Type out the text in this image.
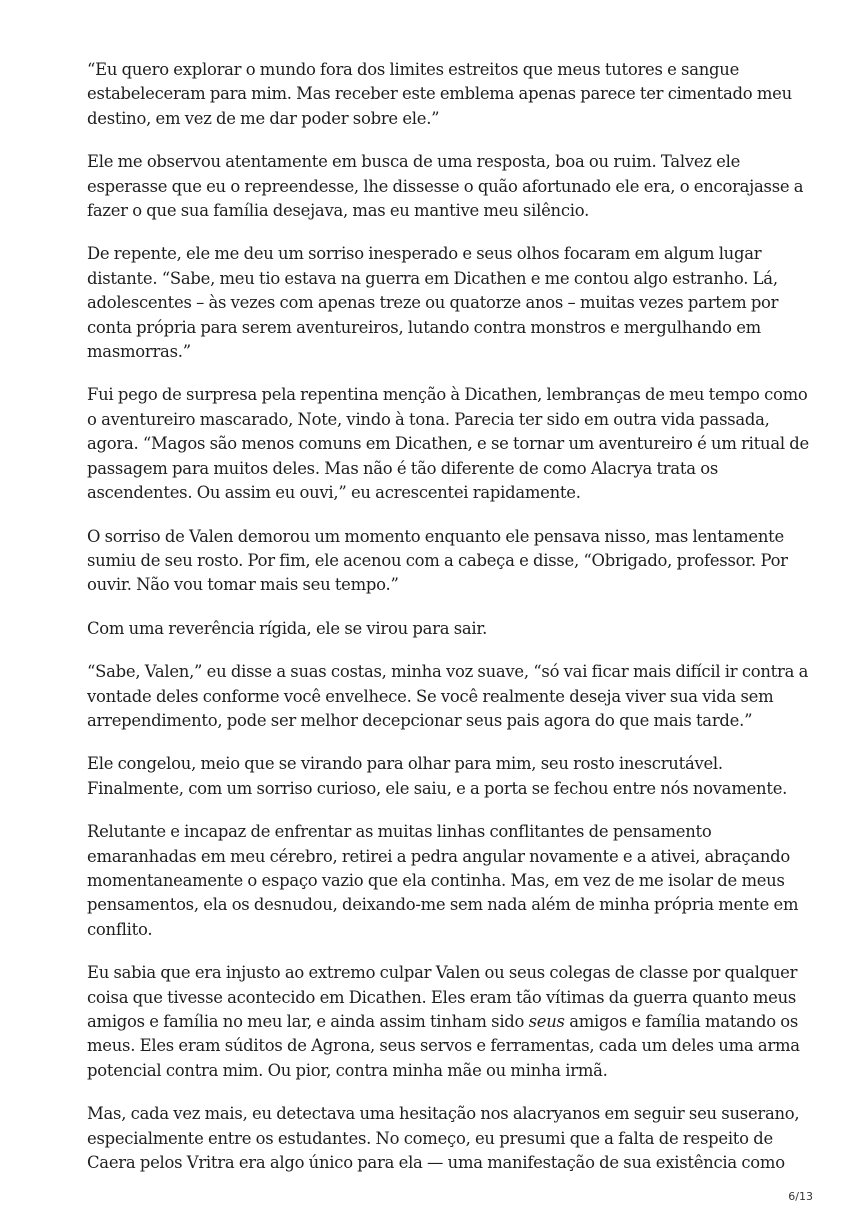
“Eu quero explorar o mundo fora dos limites estreitos que meus tutores e sangue
estabeleceram para mim. Mas receber este emblema apenas parece ter cimentado meu
destino, em vez de me dar poder sobre ele.”

Ele me observou atentamente em busca de uma resposta, boa ou ruim. Talvez ele
esperasse que eu o repreendesse, lhe dissesse o quão afortunado ele era, o encorajasse a
fazer o que sua família desejava, mas eu mantive meu silêncio.

De repente, ele me deu um sorriso inesperado e seus olhos focaram em algum lugar
distante. “Sabe, meu tio estava na guerra em Dicathen e me contou algo estranho. Lá,
adolescentes – às vezes com apenas treze ou quatorze anos – muitas vezes partem por
conta própria para serem aventureiros, lutando contra monstros e mergulhando em
masmorras.”

Fui pego de surpresa pela repentina menção à Dicathen, lembranças de meu tempo como
o aventureiro mascarado, Note, vindo à tona. Parecia ter sido em outra vida passada,
agora. “Magos são menos comuns em Dicathen, e se tornar um aventureiro é um ritual de
passagem para muitos deles. Mas não é tão diferente de como Alacrya trata os
ascendentes. Ou assim eu ouvi,” eu acrescentei rapidamente.

O sorriso de Valen demorou um momento enquanto ele pensava nisso, mas lentamente
sumiu de seu rosto. Por fim, ele acenou com a cabeça e disse, “Obrigado, professor. Por
ouvir. Não vou tomar mais seu tempo.”

Com uma reverência rígida, ele se virou para sair.

“Sabe, Valen,” eu disse a suas costas, minha voz suave, “só vai ficar mais difícil ir contra a
vontade deles conforme você envelhece. Se você realmente deseja viver sua vida sem
arrependimento, pode ser melhor decepcionar seus pais agora do que mais tarde.”

Ele congelou, meio que se virando para olhar para mim, seu rosto inescrutável.
Finalmente, com um sorriso curioso, ele saiu, e a porta se fechou entre nós novamente.

Relutante e incapaz de enfrentar as muitas linhas conflitantes de pensamento
emaranhadas em meu cérebro, retirei a pedra angular novamente e a ativei, abraçando
momentaneamente o espaço vazio que ela continha. Mas, em vez de me isolar de meus
pensamentos, ela os desnudou, deixando-me sem nada além de minha própria mente em
conflito.

Eu sabia que era injusto ao extremo culpar Valen ou seus colegas de classe por qualquer
coisa que tivesse acontecido em Dicathen. Eles eram tão vítimas da guerra quanto meus
amigos e família no meu lar, e ainda assim tinham sido seus amigos e família matando os
meus. Eles eram súditos de Agrona, seus servos e ferramentas, cada um deles uma arma
potencial contra mim. Ou pior, contra minha mãe ou minha irmã.

Mas, cada vez mais, eu detectava uma hesitação nos alacryanos em seguir seu suserano,
especialmente entre os estudantes. No começo, eu presumi que a falta de respeito de
Caera pelos Vritra era algo único para ela — uma manifestação de sua existência como

6/13
